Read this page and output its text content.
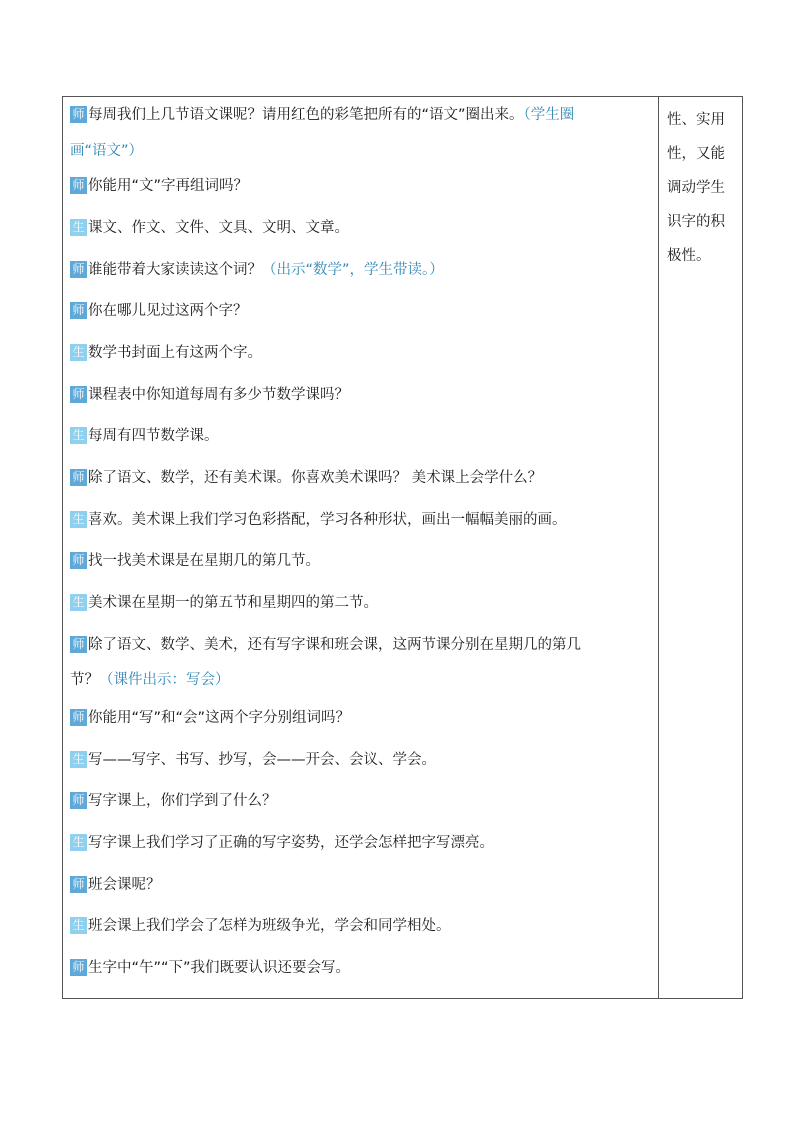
师 每周我们上几节语文课呢？请用红色的彩笔把所有的“语文”圈出来。（学生圈
画“语文”）
师 你能用“文”字再组词吗？
生 课文、作文、文件、文具、文明、文章。
师 谁能带着大家读读这个词？（出示“数学”，学生带读。）
师 你在哪儿见过这两个字？
生 数学书封面上有这两个字。
师 课程表中你知道每周有多少节数学课吗？
生 每周有四节数学课。
师 除了语文、数学，还有美术课。你喜欢美术课吗？ 美术课上会学什么？
生 喜欢。美术课上我们学习色彩搭配，学习各种形状，画出一幅幅美丽的画。
师 找一找美术课是在星期几的第几节。
生 美术课在星期一的第五节和星期四的第二节。
师 除了语文、数学、美术，还有写字课和班会课，这两节课分别在星期几的第几
节？（课件出示：写会）
师 你能用“写”和“会”这两个字分别组词吗？
生 写——写字、书写、抄写，会——开会、会议、学会。
师 写字课上，你们学到了什么？
生 写字课上我们学习了正确的写字姿势，还学会怎样把字写漂亮。
师 班会课呢？
生 班会课上我们学会了怎样为班级争光，学会和同学相处。
师 生字中“午”“下”我们既要认识还要会写。
性、实用
性，又能
调动学生
识字的积
极性。
